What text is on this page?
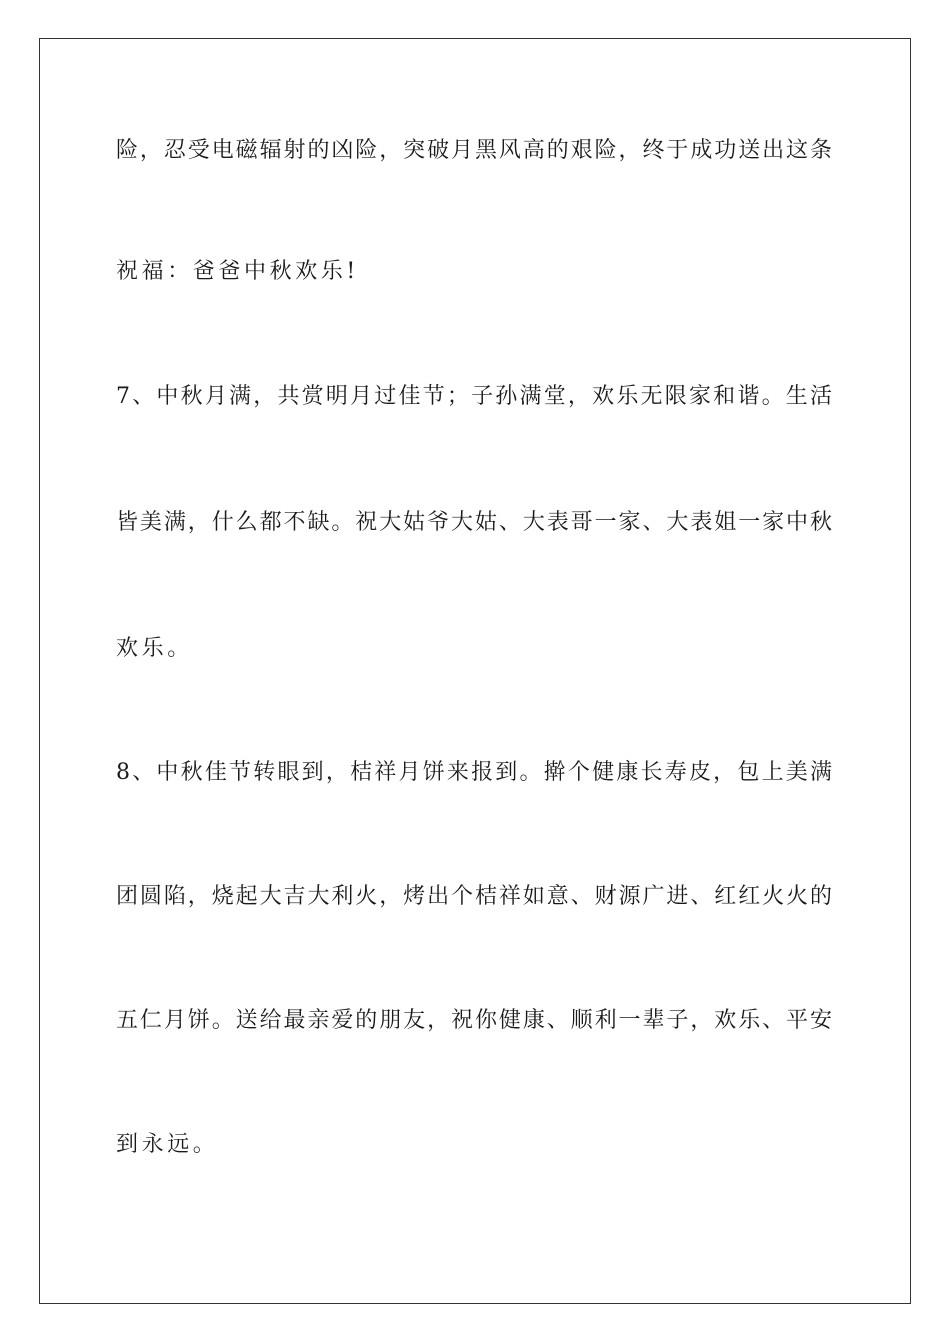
险，忍受电磁辐射的凶险，突破月黑风高的艰险，终于成功送出这条
祝福：爸爸中秋欢乐!
7、中秋月满，共赏明月过佳节；子孙满堂，欢乐无限家和谐。生活
皆美满，什么都不缺。祝大姑爷大姑、大表哥一家、大表姐一家中秋
欢乐。
8、中秋佳节转眼到，桔祥月饼来报到。擀个健康长寿皮，包上美满
团圆陷，烧起大吉大利火，烤出个桔祥如意、财源广进、红红火火的
五仁月饼。送给最亲爱的朋友，祝你健康、顺利一辈子，欢乐、平安
到永远。
